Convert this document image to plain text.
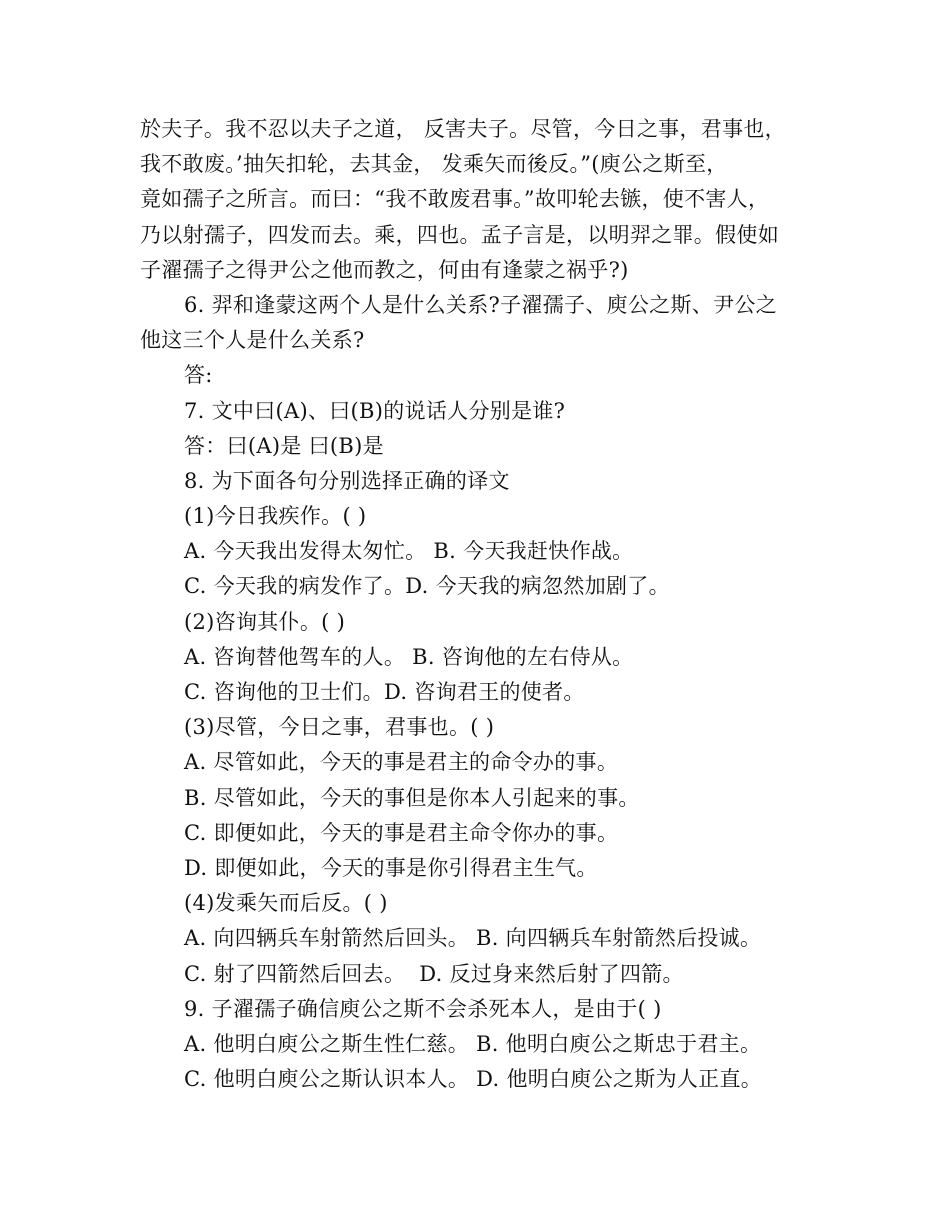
於夫子。我不忍以夫子之道， 反害夫子。尽管，今日之事，君事也，
我不敢废。’抽矢扣轮，去其金， 发乘矢而後反。”(庾公之斯至，
竟如孺子之所言。而曰：“我不敢废君事。”故叩轮去镞，使不害人，
乃以射孺子，四发而去。乘，四也。孟子言是，以明羿之罪。假使如
子濯孺子之得尹公之他而教之，何由有逢蒙之祸乎?)
6. 羿和逢蒙这两个人是什么关系?子濯孺子、庾公之斯、尹公之
他这三个人是什么关系?
答:
7. 文中曰(A)、曰(B)的说话人分别是谁?
答：曰(A)是 曰(B)是
8. 为下面各句分别选择正确的译文
(1)今日我疾作。( )
A. 今天我出发得太匆忙。 B. 今天我赶快作战。
C. 今天我的病发作了。D. 今天我的病忽然加剧了。
(2)咨询其仆。( )
A. 咨询替他驾车的人。 B. 咨询他的左右侍从。
C. 咨询他的卫士们。D. 咨询君王的使者。
(3)尽管，今日之事，君事也。( )
A. 尽管如此，今天的事是君主的命令办的事。
B. 尽管如此，今天的事但是你本人引起来的事。
C. 即便如此，今天的事是君主命令你办的事。
D. 即便如此，今天的事是你引得君主生气。
(4)发乘矢而后反。( )
A. 向四辆兵车射箭然后回头。 B. 向四辆兵车射箭然后投诚。
C. 射了四箭然后回去。  D. 反过身来然后射了四箭。
9. 子濯孺子确信庾公之斯不会杀死本人，是由于( )
A. 他明白庾公之斯生性仁慈。 B. 他明白庾公之斯忠于君主。
C. 他明白庾公之斯认识本人。 D. 他明白庾公之斯为人正直。
